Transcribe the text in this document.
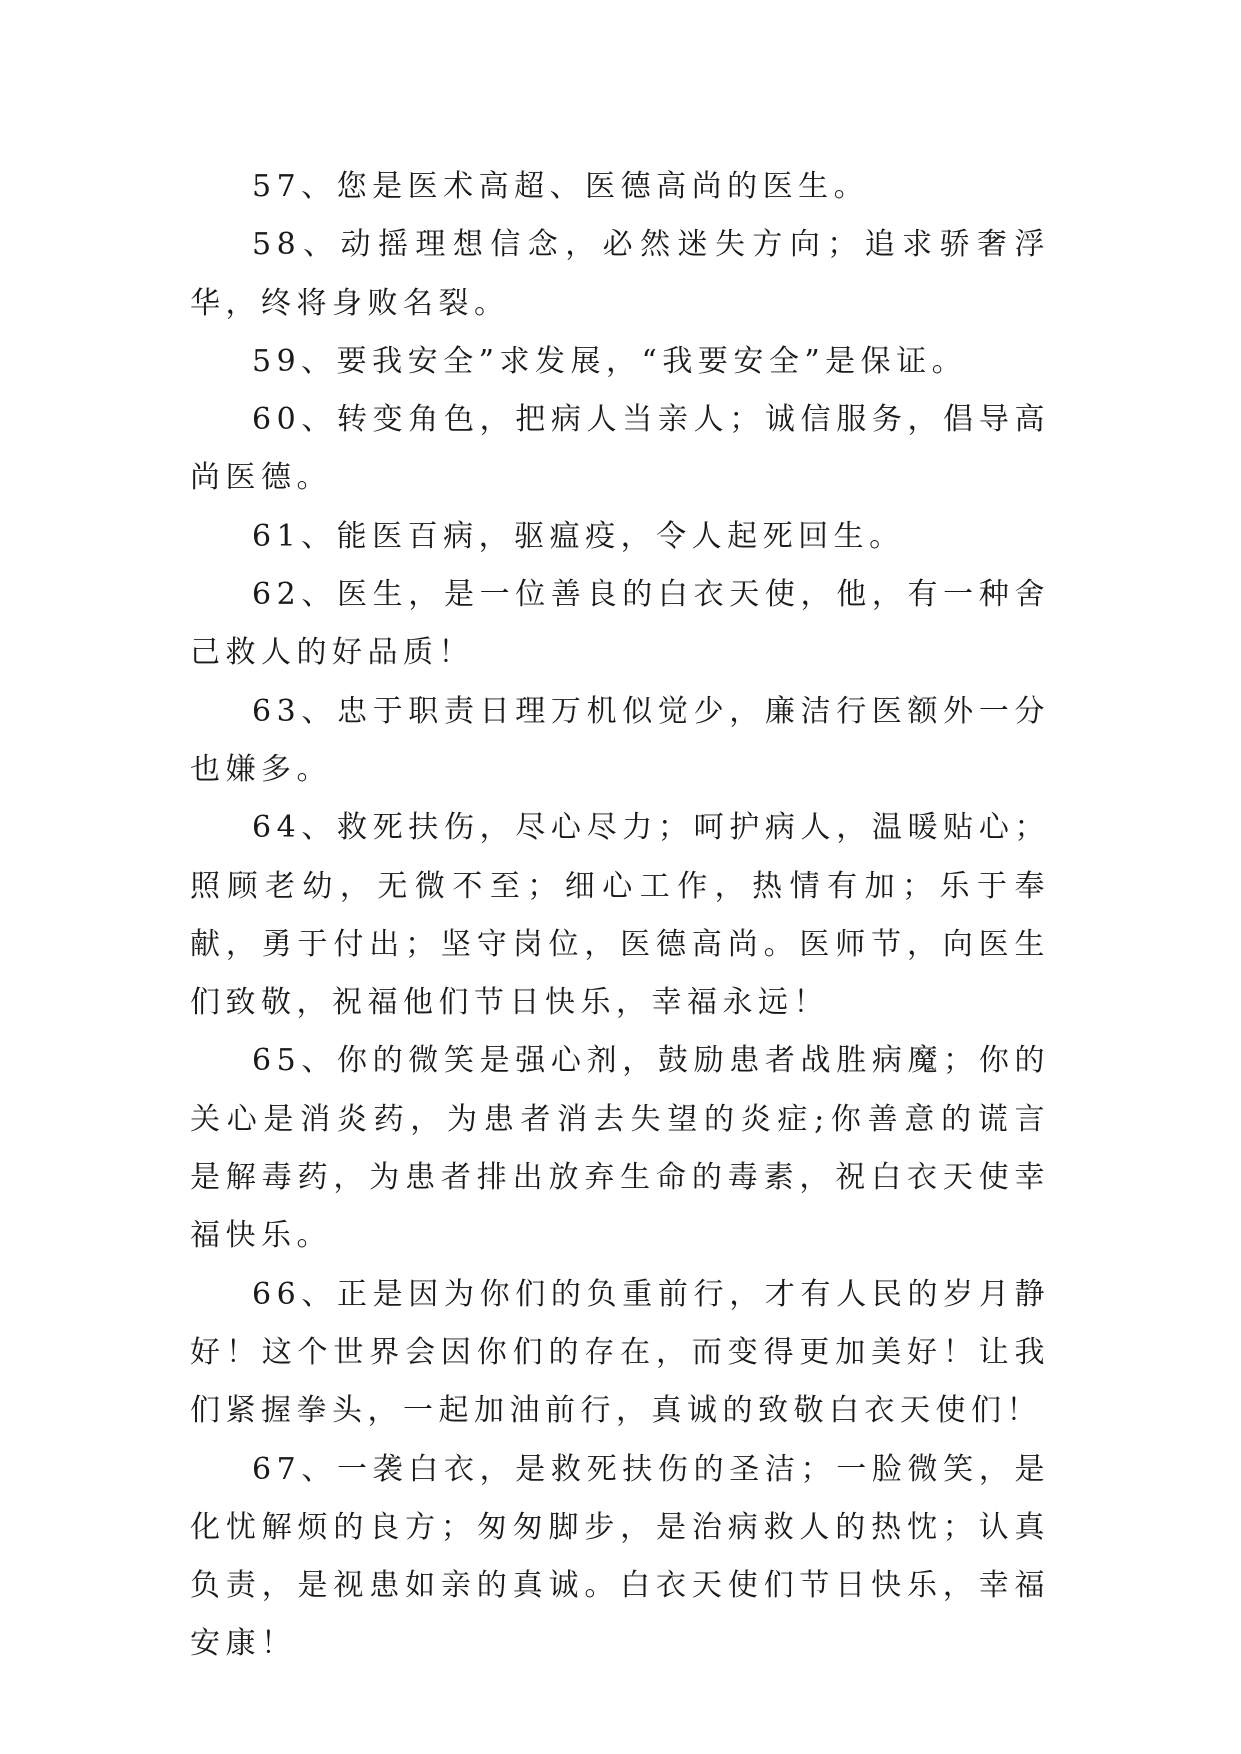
57、您是医术高超、医德高尚的医生。

58、动摇理想信念，必然迷失方向；追求骄奢浮华，终将身败名裂。

59、要我安全”求发展，“我要安全”是保证。

60、转变角色，把病人当亲人；诚信服务，倡导高尚医德。

61、能医百病，驱瘟疫，令人起死回生。

62、医生，是一位善良的白衣天使，他，有一种舍己救人的好品质！

63、忠于职责日理万机似觉少，廉洁行医额外一分也嫌多。

64、救死扶伤，尽心尽力；呵护病人，温暖贴心；照顾老幼，无微不至；细心工作，热情有加；乐于奉献，勇于付出；坚守岗位，医德高尚。医师节，向医生们致敬，祝福他们节日快乐，幸福永远！

65、你的微笑是强心剂，鼓励患者战胜病魔；你的关心是消炎药，为患者消去失望的炎症;你善意的谎言是解毒药，为患者排出放弃生命的毒素，祝白衣天使幸福快乐。

66、正是因为你们的负重前行，才有人民的岁月静好！这个世界会因你们的存在，而变得更加美好！让我们紧握拳头，一起加油前行，真诚的致敬白衣天使们！

67、一袭白衣，是救死扶伤的圣洁；一脸微笑，是化忧解烦的良方；匆匆脚步，是治病救人的热忱；认真负责，是视患如亲的真诚。白衣天使们节日快乐，幸福安康！
